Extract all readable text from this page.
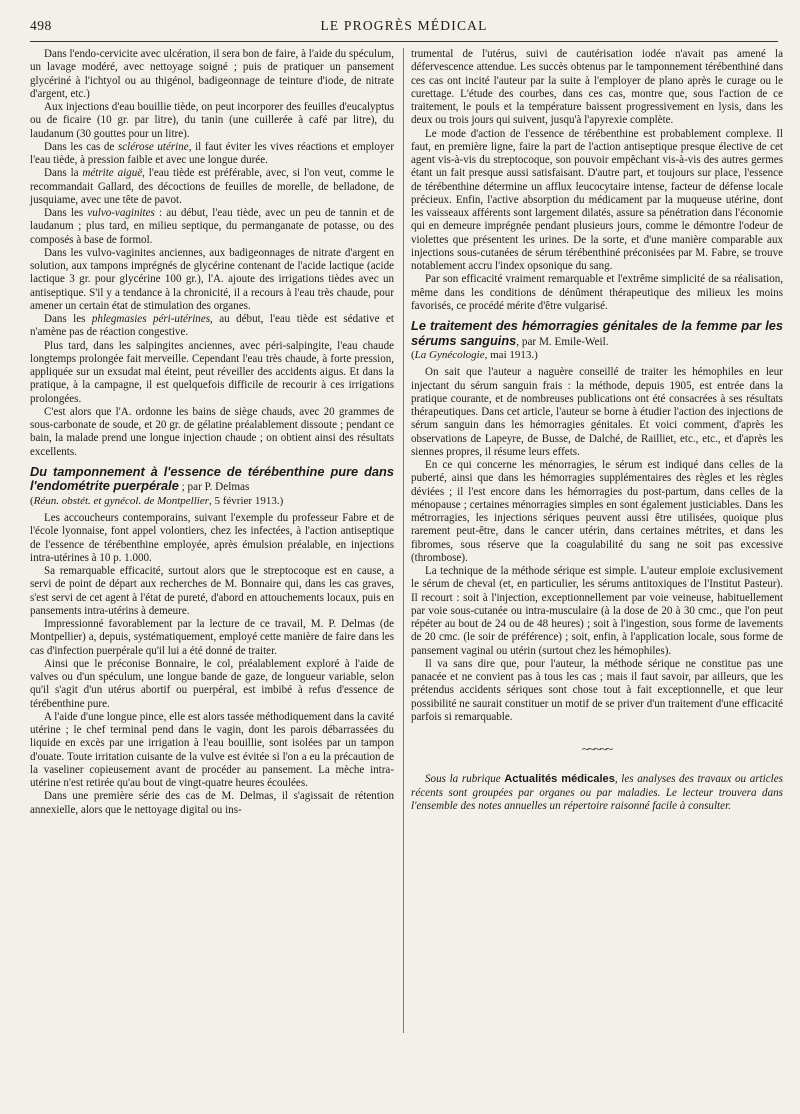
498	LE PROGRÈS MÉDICAL

Dans l'endo-cervicite avec ulcération, il sera bon de faire, à l'aide du spéculum, un lavage modéré, avec nettoyage soigné ; puis de pratiquer un pansement glycériné à l'ichtyol ou au thigénol, badigeonnage de teinture d'iode, de nitrate d'argent, etc.)

Aux injections d'eau bouillie tiède, on peut incorporer des feuilles d'eucalyptus ou de ficaire (10 gr. par litre), du tanin (une cuillerée à café par litre), du laudanum (30 gouttes pour un litre).

Dans les cas de sclérose utérine, il faut éviter les vives réactions et employer l'eau tiède, à pression faible et avec une longue durée.

Dans la métrite aiguë, l'eau tiède est préférable, avec, si l'on veut, comme le recommandait Gallard, des décoctions de feuilles de morelle, de belladone, de jusquiame, avec une tête de pavot.

Dans les vulvo-vaginites : au début, l'eau tiède, avec un peu de tannin et de laudanum ; plus tard, en milieu septique, du permanganate de potasse, ou des composés à base de formol.

Dans les vulvo-vaginites anciennes, aux badigeonnages de nitrate d'argent en solution, aux tampons imprégnés de glycérine contenant de l'acide lactique (acide lactique 3 gr. pour glycérine 100 gr.), l'A. ajoute des irrigations tièdes avec un antiseptique. S'il y a tendance à la chronicité, il a recours à l'eau très chaude, pour amener un certain état de stimulation des organes.

Dans les phlegmasies péri-utérines, au début, l'eau tiède est sédative et n'amène pas de réaction congestive.

Plus tard, dans les salpingites anciennes, avec péri-salpingite, l'eau chaude longtemps prolongée fait merveille. Cependant l'eau très chaude, à forte pression, appliquée sur un exsudat mal éteint, peut réveiller des accidents aigus. Et dans la pratique, à la campagne, il est quelquefois difficile de recourir à ces irrigations prolongées.

C'est alors que l'A. ordonne les bains de siège chauds, avec 20 grammes de sous-carbonate de soude, et 20 gr. de gélatine préalablement dissoute ; pendant ce bain, la malade prend une longue injection chaude ; on obtient ainsi des résultats excellents.

Du tamponnement à l'essence de térébenthine pure dans l'endométrite puerpérale ; par P. Delmas

(Réun. obstét. et gynécol. de Montpellier, 5 février 1913.)

Les accoucheurs contemporains, suivant l'exemple du professeur Fabre et de l'école lyonnaise, font appel volontiers, chez les infectées, à l'action antiseptique de l'essence de térébenthine employée, après émulsion préalable, en injections intra-utérines à 10 p. 1.000.

Sa remarquable efficacité, surtout alors que le streptocoque est en cause, a servi de point de départ aux recherches de M. Bonnaire qui, dans les cas graves, s'est servi de cet agent à l'état de pureté, d'abord en attouchements locaux, puis en pansements intra-utérins à demeure.

Impressionné favorablement par la lecture de ce travail, M. P. Delmas (de Montpellier) a, depuis, systématiquement, employé cette manière de faire dans les cas d'infection puerpérale qu'il lui a été donné de traiter.

Ainsi que le préconise Bonnaire, le col, préalablement exploré à l'aide de valves ou d'un spéculum, une longue bande de gaze, de longueur variable, selon qu'il s'agit d'un utérus abortif ou puerpéral, est imbibé à refus d'essence de térébenthine pure.

A l'aide d'une longue pince, elle est alors tassée méthodiquement dans la cavité utérine ; le chef terminal pend dans le vagin, dont les parois débarrassées du liquide en excès par une irrigation à l'eau bouillie, sont isolées par un tampon d'ouate. Toute irritation cuisante de la vulve est évitée si l'on a eu la précaution de la vaseliner copieusement avant de procéder au pansement. La mèche intra-utérine n'est retirée qu'au bout de vingt-quatre heures écoulées.

Dans une première série des cas de M. Delmas, il s'agissait de rétention annexielle, alors que le nettoyage digital ou ins-

trumental de l'utérus, suivi de cautérisation iodée n'avait pas amené la défervescence attendue. Les succès obtenus par le tamponnement térébenthiné dans ces cas ont incité l'auteur par la suite à l'employer de plano après le curage ou le curettage. L'étude des courbes, dans ces cas, montre que, sous l'action de ce traitement, le pouls et la température baissent progressivement en lysis, dans les deux ou trois jours qui suivent, jusqu'à l'apyrexie complète.

Le mode d'action de l'essence de térébenthine est probablement complexe. Il faut, en première ligne, faire la part de l'action antiseptique presque élective de cet agent vis-à-vis du streptocoque, son pouvoir empêchant vis-à-vis des autres germes étant un fait presque aussi satisfaisant. D'autre part, et toujours sur place, l'essence de térébenthine détermine un afflux leucocytaire intense, facteur de défense locale précieux. Enfin, l'active absorption du médicament par la muqueuse utérine, dont les vaisseaux afférents sont largement dilatés, assure sa pénétration dans l'économie qui en demeure imprégnée pendant plusieurs jours, comme le démontre l'odeur de violettes que présentent les urines. De la sorte, et d'une manière comparable aux injections sous-cutanées de sérum térébenthiné préconisées par M. Fabre, se trouve notablement accru l'index opsonique du sang.

Par son efficacité vraiment remarquable et l'extrême simplicité de sa réalisation, même dans les conditions de dénûment thérapeutique des milieux les moins favorisés, ce procédé mérite d'être vulgarisé.

Le traitement des hémorragies génitales de la femme par les sérums sanguins, par M. Emile-Weil.

(La Gynécologie, mai 1913.)

On sait que l'auteur a naguère conseillé de traiter les hémophiles en leur injectant du sérum sanguin frais : la méthode, depuis 1905, est entrée dans la pratique courante, et de nombreuses publications ont été consacrées à ses résultats thérapeutiques. Dans cet article, l'auteur se borne à étudier l'action des injections de sérum sanguin dans les hémorragies génitales. Et voici comment, d'après les observations de Lapeyre, de Busse, de Dalché, de Railliet, etc., etc., et d'après les siennes propres, il résume leurs effets.

En ce qui concerne les ménorragies, le sérum est indiqué dans celles de la puberté, ainsi que dans les hémorragies supplémentaires des règles et les règles déviées ; il l'est encore dans les hémorragies du post-partum, dans celles de la ménopause ; certaines ménorragies simples en sont également justiciables. Dans les métrorragies, les injections sériques peuvent aussi être utilisées, quoique plus rarement peut-être, dans le cancer utérin, dans certaines métrites, et dans les fibromes, sous réserve que la coagulabilité du sang ne soit pas excessive (thrombose).

La technique de la méthode sérique est simple. L'auteur emploie exclusivement le sérum de cheval (et, en particulier, les sérums antitoxiques de l'Institut Pasteur). Il recourt : soit à l'injection, exceptionnellement par voie veineuse, habituellement par voie sous-cutanée ou intra-musculaire (à la dose de 20 à 30 cmc., que l'on peut répéter au bout de 24 ou de 48 heures) ; soit à l'ingestion, sous forme de lavements de 20 cmc. (le soir de préférence) ; soit, enfin, à l'application locale, sous forme de pansement vaginal ou utérin (surtout chez les hémophiles).

Il va sans dire que, pour l'auteur, la méthode sérique ne constitue pas une panacée et ne convient pas à tous les cas ; mais il faut savoir, par ailleurs, que les prétendus accidents sériques sont chose tout à fait exceptionnelle, et que leur possibilité ne saurait constituer un motif de se priver d'un traitement d'une efficacité parfois si remarquable.

~~~~~

Sous la rubrique Actualités médicales, les analyses des travaux ou articles récents sont groupées par organes ou par maladies. Le lecteur trouvera dans l'ensemble des notes annuelles un répertoire raisonné facile à consulter.
